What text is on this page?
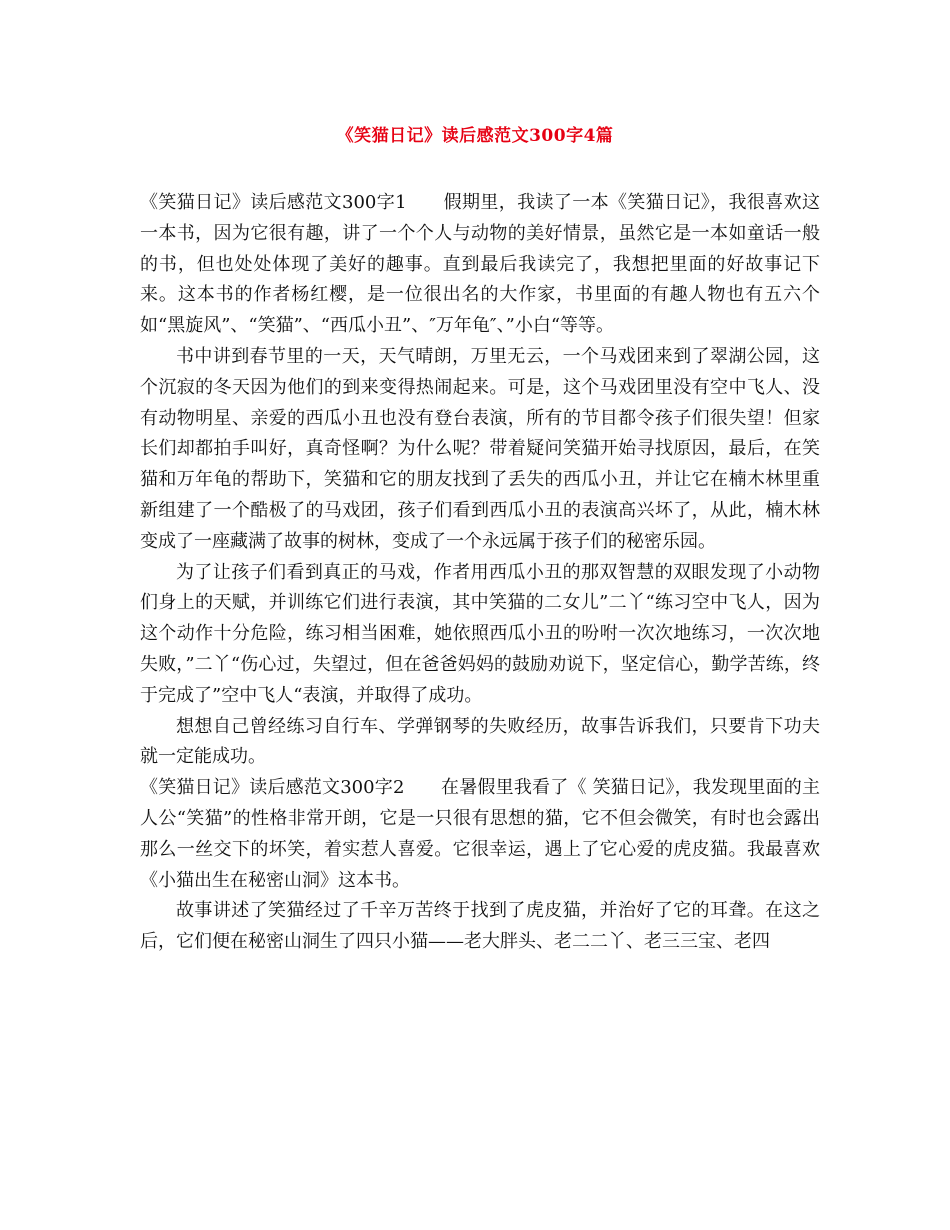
《笑猫日记》读后感范文300字4篇

《笑猫日记》读后感范文300字1　　假期里，我读了一本《笑猫日记》，我很喜欢这一本书，因为它很有趣，讲了一个个人与动物的美好情景，虽然它是一本如童话一般的书，但也处处体现了美好的趣事。直到最后我读完了，我想把里面的好故事记下来。这本书的作者杨红樱，是一位很出名的大作家，书里面的有趣人物也有五六个如“黑旋风”、“笑猫”、“西瓜小丑”、″万年龟″、”小白“等等。

书中讲到春节里的一天，天气晴朗，万里无云，一个马戏团来到了翠湖公园，这个沉寂的冬天因为他们的到来变得热闹起来。可是，这个马戏团里没有空中飞人、没有动物明星、亲爱的西瓜小丑也没有登台表演，所有的节目都令孩子们很失望！但家长们却都拍手叫好，真奇怪啊？为什么呢？带着疑问笑猫开始寻找原因，最后，在笑猫和万年龟的帮助下，笑猫和它的朋友找到了丢失的西瓜小丑，并让它在楠木林里重新组建了一个酷极了的马戏团，孩子们看到西瓜小丑的表演高兴坏了，从此，楠木林变成了一座藏满了故事的树林，变成了一个永远属于孩子们的秘密乐园。

为了让孩子们看到真正的马戏，作者用西瓜小丑的那双智慧的双眼发现了小动物们身上的天赋，并训练它们进行表演，其中笑猫的二女儿”二丫“练习空中飞人，因为这个动作十分危险，练习相当困难，她依照西瓜小丑的吩咐一次次地练习，一次次地失败，”二丫“伤心过，失望过，但在爸爸妈妈的鼓励劝说下，坚定信心，勤学苦练，终于完成了”空中飞人“表演，并取得了成功。

想想自己曾经练习自行车、学弹钢琴的失败经历，故事告诉我们，只要肯下功夫就一定能成功。

《笑猫日记》读后感范文300字2　　在暑假里我看了《 笑猫日记》，我发现里面的主人公“笑猫”的性格非常开朗，它是一只很有思想的猫，它不但会微笑，有时也会露出那么一丝交下的坏笑，着实惹人喜爱。它很幸运，遇上了它心爱的虎皮猫。我最喜欢《小猫出生在秘密山洞》这本书。

故事讲述了笑猫经过了千辛万苦终于找到了虎皮猫，并治好了它的耳聋。在这之后，它们便在秘密山洞生了四只小猫——老大胖头、老二二丫、老三三宝、老四
